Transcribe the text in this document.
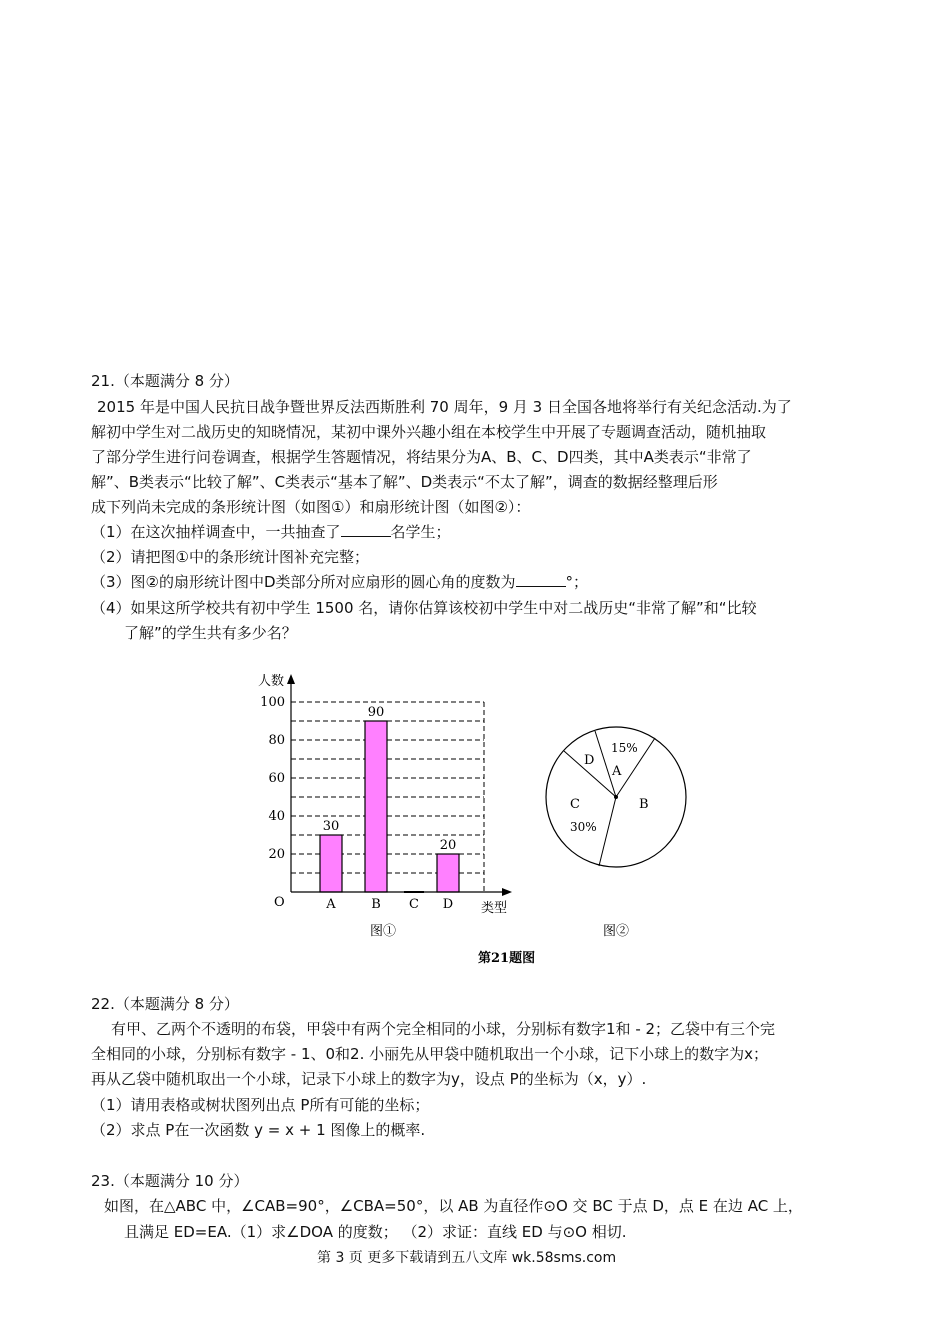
21.（本题满分 8 分）
2015 年是中国人民抗日战争暨世界反法西斯胜利 70 周年，9 月 3 日全国各地将举行有关纪念活动.为了
解初中学生对二战历史的知晓情况，某初中课外兴趣小组在本校学生中开展了专题调查活动，随机抽取
了部分学生进行问卷调查，根据学生答题情况，将结果分为A、B、C、D四类，其中A类表示“非常了
解”、B类表示“比较了解”、C类表示“基本了解”、D类表示“不太了解”，调查的数据经整理后形
成下列尚未完成的条形统计图（如图①）和扇形统计图（如图②）：
（1）在这次抽样调查中，一共抽查了	名学生；
（2）请把图①中的条形统计图补充完整；
（3）图②的扇形统计图中D类部分所对应扇形的圆心角的度数为	°；
（4）如果这所学校共有初中学生 1500 名，请你估算该校初中学生中对二战历史“非常了解”和“比较
了解”的学生共有多少名？
人数
类型
O
20
40
60
80
100
A	B C D
30
90
20
A
15%
B
C
30%
D
图①	图②
第21题图
22.（本题满分 8 分）
有甲、乙两个不透明的布袋，甲袋中有两个完全相同的小球，分别标有数字1和 - 2；乙袋中有三个完
全相同的小球，分别标有数字 - 1、0和2. 小丽先从甲袋中随机取出一个小球，记下小球上的数字为x；
再从乙袋中随机取出一个小球，记录下小球上的数字为y，设点 P的坐标为（x，y）.
（1）请用表格或树状图列出点 P所有可能的坐标；
（2）求点 P在一次函数 y = x + 1 图像上的概率.
23.（本题满分 10 分）
如图，在△ABC 中，∠CAB=90°，∠CBA=50°，以 AB 为直径作⊙O 交 BC 于点 D，点 E 在边 AC 上，
且满足 ED=EA.（1）求∠DOA 的度数； （2）求证：直线 ED 与⊙O 相切.
第 3 页 更多下载请到五八文库 wk.58sms.com
